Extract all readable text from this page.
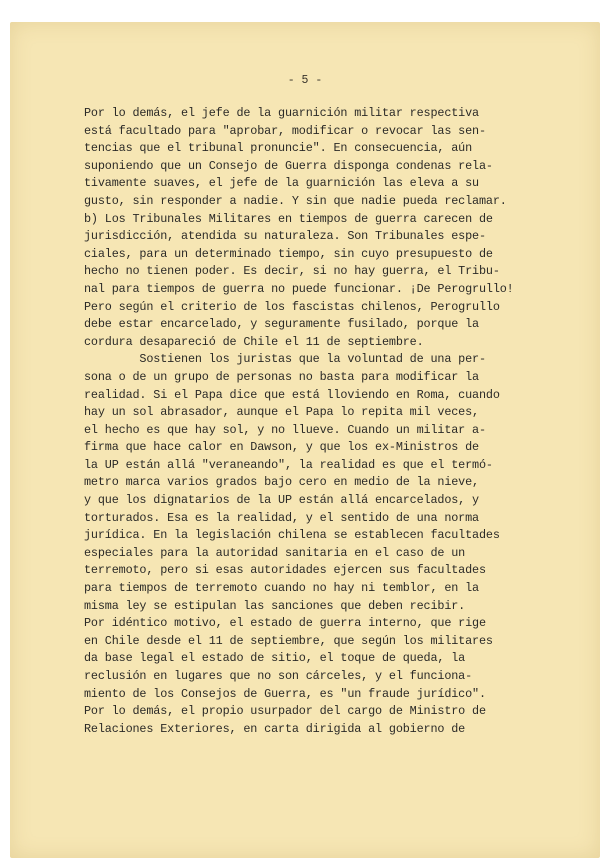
- 5 -
Por lo demás, el jefe de la guarnición militar respectiva
está facultado para "aprobar, modificar o revocar las sen-
tencias que el tribunal pronuncie". En consecuencia, aún
suponiendo que un Consejo de Guerra disponga condenas rela-
tivamente suaves, el jefe de la guarnición las eleva a su
gusto, sin responder a nadie. Y sin que nadie pueda reclamar.
b) Los Tribunales Militares en tiempos de guerra carecen de
jurisdicción, atendida su naturaleza. Son Tribunales espe-
ciales, para un determinado tiempo, sin cuyo presupuesto de
hecho no tienen poder. Es decir, si no hay guerra, el Tribu-
nal para tiempos de guerra no puede funcionar. ¡De Perogrullo!
Pero según el criterio de los fascistas chilenos, Perogrullo
debe estar encarcelado, y seguramente fusilado, porque la
cordura desapareció de Chile el 11 de septiembre.
Sostienen los juristas que la voluntad de una per-
sona o de un grupo de personas no basta para modificar la
realidad. Si el Papa dice que está lloviendo en Roma, cuando
hay un sol abrasador, aunque el Papa lo repita mil veces,
el hecho es que hay sol, y no llueve. Cuando un militar a-
firma que hace calor en Dawson, y que los ex-Ministros de
la UP están allá "veraneando", la realidad es que el termó-
metro marca varios grados bajo cero en medio de la nieve,
y que los dignatarios de la UP están allá encarcelados, y
torturados. Esa es la realidad, y el sentido de una norma
jurídica. En la legislación chilena se establecen facultades
especiales para la autoridad sanitaria en el caso de un
terremoto, pero si esas autoridades ejercen sus facultades
para tiempos de terremoto cuando no hay ni temblor, en la
misma ley se estipulan las sanciones que deben recibir.
Por idéntico motivo, el estado de guerra interno, que rige
en Chile desde el 11 de septiembre, que según los militares
da base legal el estado de sitio, el toque de queda, la
reclusión en lugares que no son cárceles, y el funciona-
miento de los Consejos de Guerra, es "un fraude jurídico".
Por lo demás, el propio usurpador del cargo de Ministro de
Relaciones Exteriores, en carta dirigida al gobierno de
